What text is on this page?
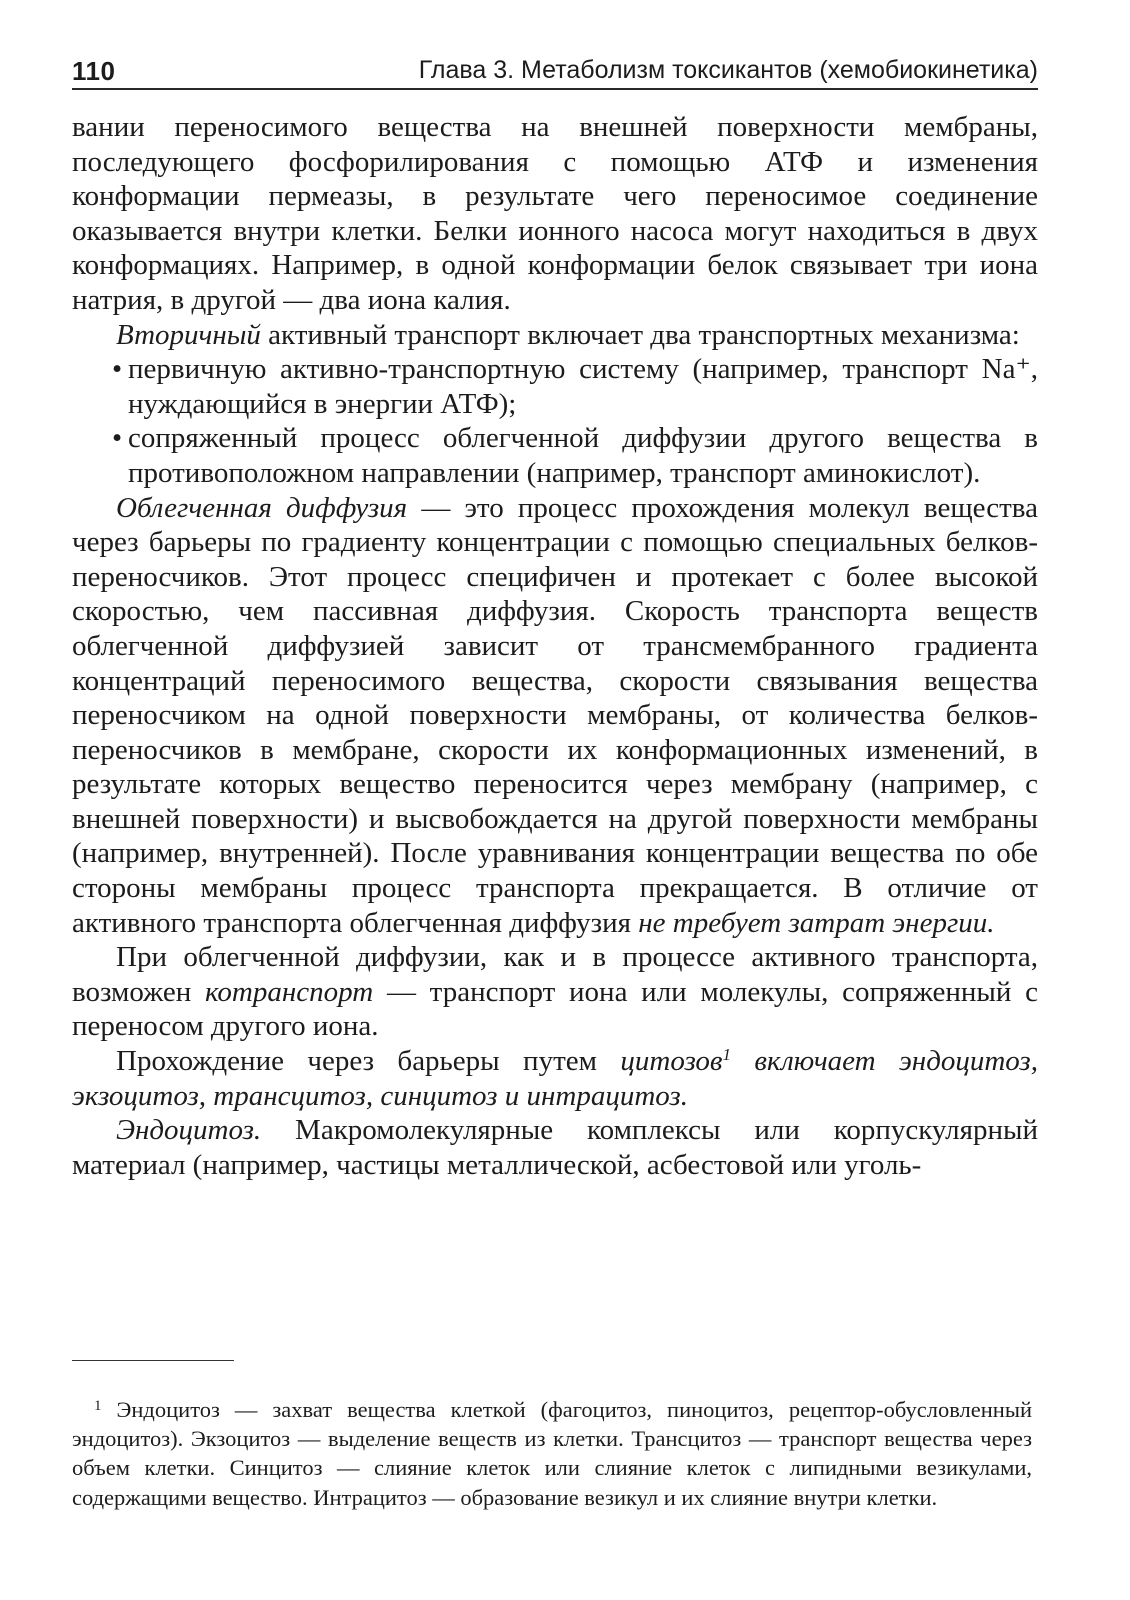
110	Глава 3. Метаболизм токсикантов (хемобиокинетика)

вании переносимого вещества на внешней поверхности мембраны, последующего фосфорилирования с помощью АТФ и изменения конформации пермеазы, в результате чего переносимое соединение оказывается внутри клетки. Белки ионного насоса могут находиться в двух конформациях. Например, в одной конформации белок связывает три иона натрия, в другой — два иона калия.

Вторичный активный транспорт включает два транспортных механизма:

• первичную активно-транспортную систему (например, транспорт Na⁺, нуждающийся в энергии АТФ);
• сопряженный процесс облегченной диффузии другого вещества в противоположном направлении (например, транспорт аминокислот).

Облегченная диффузия — это процесс прохождения молекул вещества через барьеры по градиенту концентрации с помощью специальных белков-переносчиков. Этот процесс специфичен и протекает с более высокой скоростью, чем пассивная диффузия. Скорость транспорта веществ облегченной диффузией зависит от трансмембранного градиента концентраций переносимого вещества, скорости связывания вещества переносчиком на одной поверхности мембраны, от количества белков-переносчиков в мембране, скорости их конформационных изменений, в результате которых вещество переносится через мембрану (например, с внешней поверхности) и высвобождается на другой поверхности мембраны (например, внутренней). После уравнивания концентрации вещества по обе стороны мембраны процесс транспорта прекращается. В отличие от активного транспорта облегченная диффузия не требует затрат энергии.

При облегченной диффузии, как и в процессе активного транспорта, возможен котранспорт — транспорт иона или молекулы, сопряженный с переносом другого иона.

Прохождение через барьеры путем цитозов$^1$ включает эндоцитоз, экзоцитоз, трансцитоз, синцитоз и интрацитоз.

Эндоцитоз. Макромолекулярные комплексы или корпускулярный материал (например, частицы металлической, асбестовой или уголь-

$^1$ Эндоцитоз — захват вещества клеткой (фагоцитоз, пиноцитоз, рецептор-обусловленный эндоцитоз). Экзоцитоз — выделение веществ из клетки. Трансцитоз — транспорт вещества через объем клетки. Синцитоз — слияние клеток или слияние клеток с липидными везикулами, содержащими вещество. Интрацитоз — образование везикул и их слияние внутри клетки.
